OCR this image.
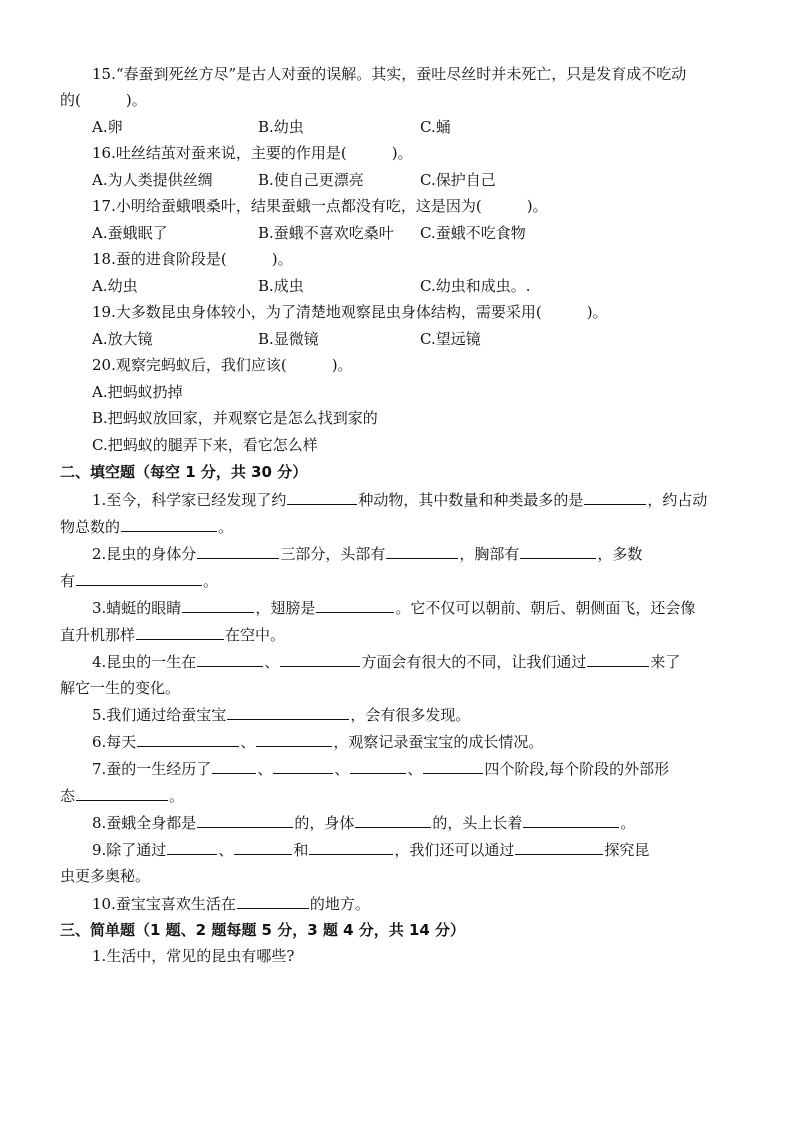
15.“春蚕到死丝方尽”是古人对蚕的误解。其实，蚕吐尽丝时并未死亡，只是发育成不吃动
的(　　　)。
A.卵	B.幼虫	C.蛹
16.吐丝结茧对蚕来说，主要的作用是(　　　)。
A.为人类提供丝绸	B.使自己更漂亮	C.保护自己
17.小明给蚕蛾喂桑叶，结果蚕蛾一点都没有吃，这是因为(　　　)。
A.蚕蛾眠了	B.蚕蛾不喜欢吃桑叶 C.蚕蛾不吃食物
18.蚕的进食阶段是(　　　)。
A.幼虫	B.成虫	C.幼虫和成虫。.
19.大多数昆虫身体较小，为了清楚地观察昆虫身体结构，需要采用(　　　)。
A.放大镜	B.显微镜	C.望远镜
20.观察完蚂蚁后，我们应该(　　　)。
A.把蚂蚁扔掉
B.把蚂蚁放回家，并观察它是怎么找到家的
C.把蚂蚁的腿弄下来，看它怎么样
二、填空题（每空 1 分，共 30 分）
1.至今，科学家已经发现了约	种动物，其中数量和种类最多的是	，约占动
物总数的	。
2.昆虫的身体分	三部分，头部有	，胸部有	，多数
有	。
3.蜻蜓的眼睛	，翅膀是	。它不仅可以朝前、朝后、朝侧面飞，还会像
直升机那样	在空中。
4.昆虫的一生在	、	方面会有很大的不同，让我们通过	来了
解它一生的变化。
5.我们通过给蚕宝宝	，会有很多发现。
6.每天	、	，观察记录蚕宝宝的成长情况。
7.蚕的一生经历了	、	、	、	四个阶段,每个阶段的外部形
态	。
8.蚕蛾全身都是	的，身体	的，头上长着	。
9.除了通过	、	和	，我们还可以通过	探究昆
虫更多奥秘。
10.蚕宝宝喜欢生活在	的地方。
三、简单题（1 题、2 题每题 5 分，3 题 4 分，共 14 分）
1.生活中，常见的昆虫有哪些?
